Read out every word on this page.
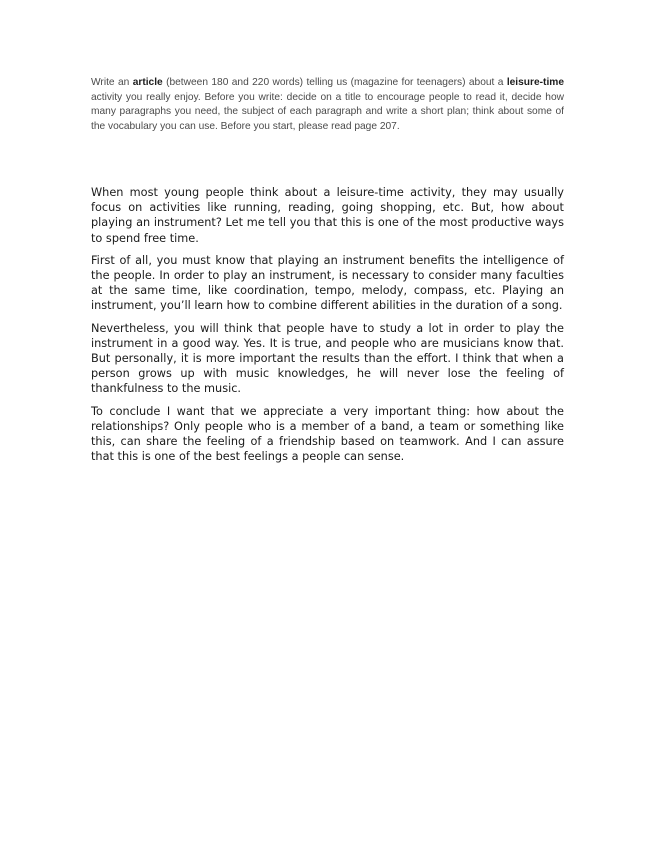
Write an article (between 180 and 220 words) telling us (magazine for teenagers) about a leisure-time activity you really enjoy. Before you write: decide on a title to encourage people to read it, decide how many paragraphs you need, the subject of each paragraph and write a short plan; think about some of the vocabulary you can use. Before you start, please read page 207.

When most young people think about a leisure-time activity, they may usually focus on activities like running, reading, going shopping, etc. But, how about playing an instrument? Let me tell you that this is one of the most productive ways to spend free time.

First of all, you must know that playing an instrument benefits the intelligence of the people. In order to play an instrument, is necessary to consider many faculties at the same time, like coordination, tempo, melody, compass, etc. Playing an instrument, you’ll learn how to combine different abilities in the duration of a song.

Nevertheless, you will think that people have to study a lot in order to play the instrument in a good way. Yes. It is true, and people who are musicians know that. But personally, it is more important the results than the effort. I think that when a person grows up with music knowledges, he will never lose the feeling of thankfulness to the music.

To conclude I want that we appreciate a very important thing: how about the relationships? Only people who is a member of a band, a team or something like this, can share the feeling of a friendship based on teamwork. And I can assure that this is one of the best feelings a people can sense.
